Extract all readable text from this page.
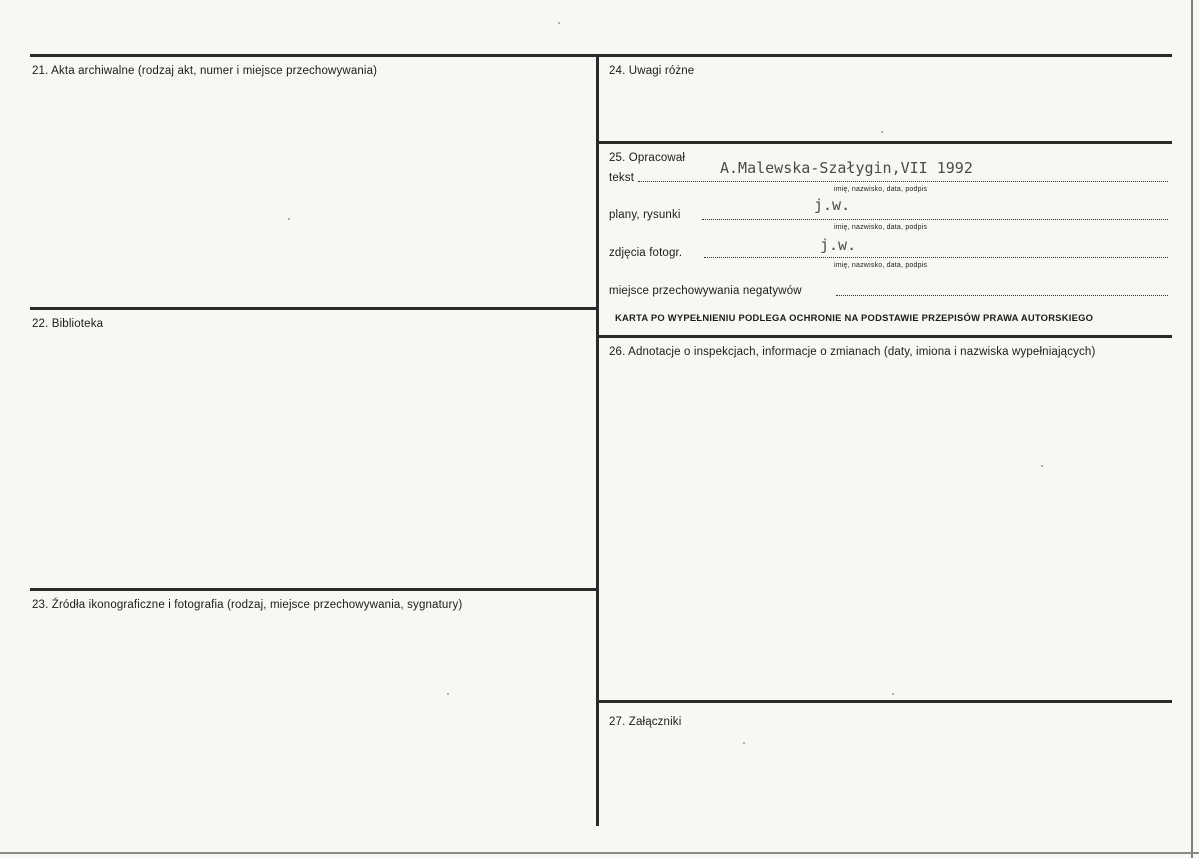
21. Akta archiwalne (rodzaj akt, numer i miejsce przechowywania)
22. Biblioteka
23. Źródła ikonograficzne i fotografia (rodzaj, miejsce przechowywania, sygnatury)
24. Uwagi różne
25. Opracował
tekst
A.Malewska-Szałygin,VII 1992
imię, nazwisko, data, podpis
plany, rysunki
j.w.
imię, nazwisko, data, podpis
zdjęcia fotogr.	j.w.
imię, nazwisko, data, podpis
miejsce przechowywania negatywów
KARTA PO WYPEŁNIENIU PODLEGA OCHRONIE NA PODSTAWIE PRZEPISÓW PRAWA AUTORSKIEGO
26. Adnotacje o inspekcjach, informacje o zmianach (daty, imiona i nazwiska wypełniających)
27. Załączniki
